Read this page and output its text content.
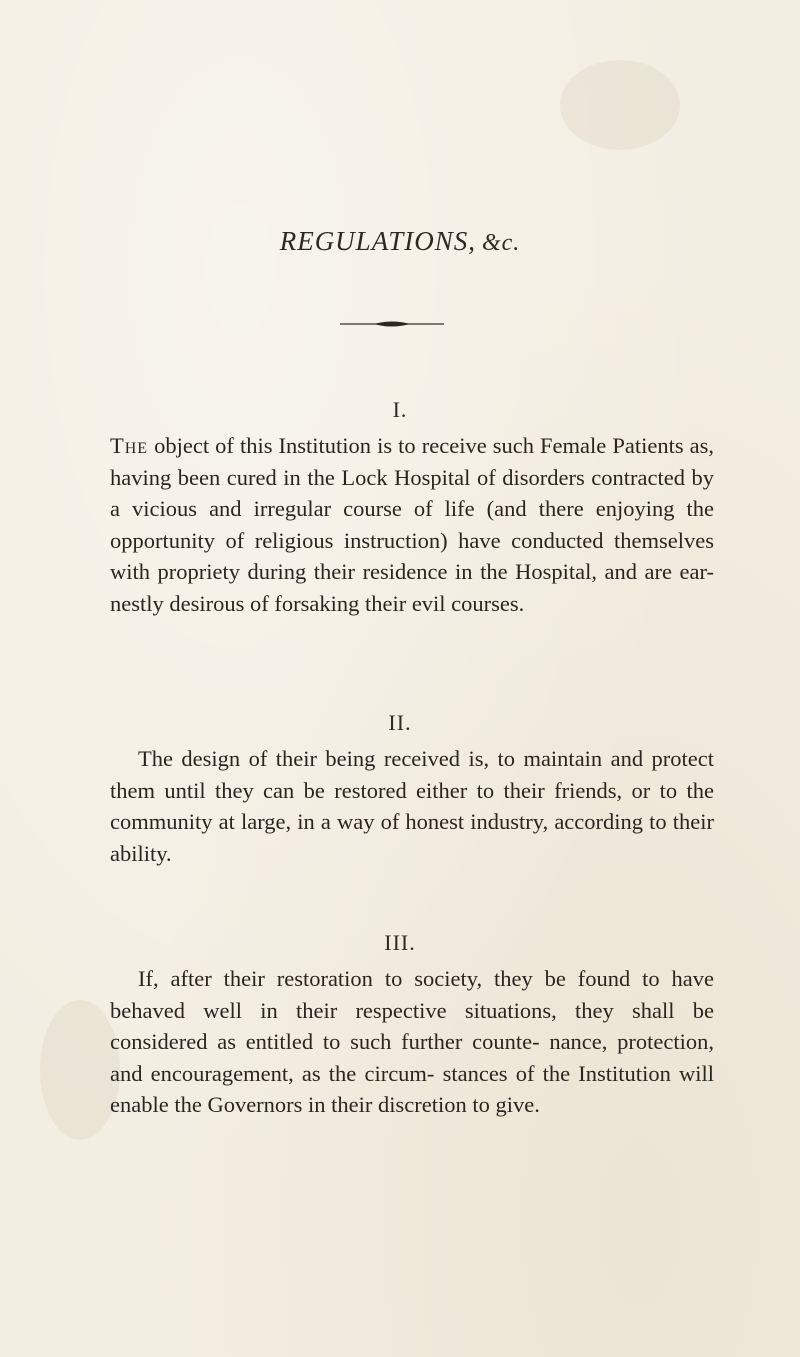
REGULATIONS, &c.
I.

The object of this Institution is to receive such Female Patients as, having been cured in the Lock Hospital of disorders contracted by a vicious and irregular course of life (and there enjoying the opportunity of religious instruction) have conducted themselves with propriety during their residence in the Hospital, and are ear- nestly desirous of forsaking their evil courses.

II.

The design of their being received is, to maintain and protect them until they can be restored either to their friends, or to the community at large, in a way of honest industry, according to their ability.

III.

If, after their restoration to society, they be found to have behaved well in their respective situations, they shall be considered as entitled to such further counte- nance, protection, and encouragement, as the circum- stances of the Institution will enable the Governors in their discretion to give.
